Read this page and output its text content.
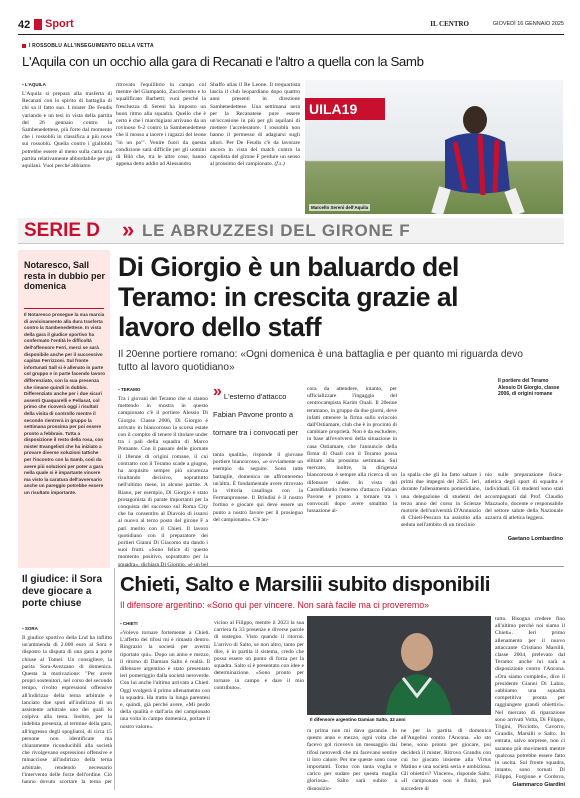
42 Sport	IL CENTRO	GIOVEDÌ 16 GENNAIO 2025
I ROSSOBLÙ ALL'INSEGUIMENTO DELLA VETTA
L'Aquila con un occhio alla gara di Recanati e l'altro a quella con la Samb
▪ L'AQUILA
L'Aquila si prepara alla trasferta di Recanati con lo spirito di battaglia di chi sa il fatto suo. I mister De Feudis variando e un tesi in vista della partita del 26 gennaio contro la Sambenedettese, più forte dal momento che i rossoblù in classifica a più nove sui rossoblù. Quella contro i gialloblù potrebbe essere al meno sulla carta una partita relativamente abbordabile per gli aquilani. Vuoi perché abbiamo
ritrovato l'equilibrio in campo col mentre del Giampaolo, Zuccherotto e lo squalificato Barbetti; vuoi perché la freschezza di Sereni ha imposto un buon ritmo alla squadra. Quello che è certo è che i marchigiani arrivano da un rovinoso 6-2 contro la Sambenedettese che li mosso a tacere i ragazzi del leone "in un po'". Venire fuori da questa condizione sarà difficile per gli uomini di Bilò che, tra le altre cose, hanno appena detto addio ad Alessandro
Shaffo alias il Re Leone. Il trequartista lascia il club leopardiano dopo quattro anni presenti in direzione Sambenedettese. Una settimana nera per la Recanatese pure essere un'occasione in più per gli aquilani di mettere l'acceleratore. I rossoblù non hanno il permesso di adagiarsi sugli allori. Per De Feudis c'è da lavorare ancora in vista del match contro la capolista del girone F perdure un senso al prossimo del campionato. (f.s.)
UILA19
Marcello Sereni dell'Aquila
SERIE D » LE ABRUZZESI DEL GIRONE F
Notaresco, Sall resta in dubbio per domenica
Il Notaresco prosegue la sua marcia di avvicinamento alla dura trasferta contro la Sambenedettese. In vista della gara il giudice sportivo ha confermato l'entità le difficoltà dell'offensore Ferri, mercì se sarà disponibile anche per il successivo capitan Ferrizzoni. Sul fronte infortunati Sall si è allenato in parte col gruppo e in parte facendo lavoro differenziato, con la sua presenza che rimane quindi in dubbio. Differenziato anche per i due sicuri assenti Quaquarelli e Pellasat, col primo che ricoverà oggi i risultati della visita di controllo mentre il secondo rientrerà in gruppo la settimana prossima per poi essere pronto a febbraio. Tutta a disposizione il resto della rosa, con mister Evangelisti che ha iniziato a provare diverse soluzioni tattiche per l'incontro con la Samb, così da avere più soluzioni per poter a gara nella quale si è impartante vincere ma visto la caratura dell'avversario anche un pareggio potrebbe essere un risultato importante.
Di Giorgio è un baluardo del Teramo: in crescita grazie al lavoro dello staff
Il 20enne portiere romano: «Ogni domenica è una battaglia e per quanto mi riguarda devo tutto al lavoro quotidiano»
Il portiere del Teramo Alessio Di Giorgio, classe 2006, di origini romane
▪ TERAMO
Tra i giovani del Teramo che si stanno mettendo in mostra in questo campionato c'è il portiere Alessio Di Giorgio. Classe 2006, Di Giorgio è arrivato in biancorosso la scorsa estate con il compito di tenere il titolare under tra i pali della squadra di Marco Pomante. Con il passare delle giornate il 18enne di origini romane, il cui contratto con il Teramo scade a giugno, ha acquisito sempre più sicurezza risultando decisivo, soprattutto nell'ultimo mese, in alcune partite. A Riano, per esempio, Di Giorgio è stato protagonista di parate importanti per la conquista del successo sul Roma City che ha consentito al Diavolo di issarsi al nuovo al terzo posto del girone F a pari merito con il Chieti. Il lavoro quotidiano con il preparatore dei portieri Gianni Di Giacomo sta dando i suoi frutti. «Sono felice di questo momento positivo, soprattutto per la squadra», dichiara Di Giorgio, «è un bel
» L'esterno d'attacco Fabian Pavone pronto a tornare tra i convocati per
tanta qualità», risponde il giovane portiere biancorosso, «e ovviamente un esempio da seguire. Sono tutte battaglie, domenica ne affronteremo un'altra. È fondamentale avere ritrovato la vittoria casalinga con la Fermanpronese. Il Brindisi è il nostro fortino e giocare qui deve essere un punto a nostro favore per il prosieguo del campionato». C'è an-
cora da attendere, intanto, per ufficializzare l'ingaggio del centrocampista Karim Ouali. Il 20enne teramano, in gruppo da due giorni, deve infatti ottenere la firma sullo svincolo dall'Ostiamare, club che è in procinto di cambiare proprietà. Non è da escludere, in base all'evolversi della situazione in casa Ostiamare, che l'annuncio della firma di Ouali con il Teramo possa slittare alla prossima settimana. Sul mercato, inoltre, la dirigenza biancorossa è sempre alla ricerca di un difensore under. In vista del Castelfidardo l'esterno d'attacco Fabian Pavone è pronto a tornare tra i convocati dopo avere smaltito la lussazione al-
la spalla che gli ha fatto saltare i primi due impegni del 2025. Ieri, durante l'allenamento pomeridiano, una delegazione di studenti del terzo anno del corso in Scienze motorie dell'università D'Annunzio di Chieti-Pescara ha assistito alla seduta nell'ambito di un tirocinio
nio sulle preparazione fisica-atletica degli sport di squadra e individuali. Gli studenti sono stati accompagnati dal Prof. Claudio Mazzuolo, docente e responsabile del settore salute della Nazionale azzurra di atletica leggera.
Gaetano Lombardino
Il giudice: il Sora deve giocare a porte chiuse
▪ SORA
Il giudice sportivo della Lnd ha inflitto un'ammenda di 2.000 euro al Sora e disposto la disputa di una gara a porte chiuse al Tomei. Un consigliere, la parita Sora-Avezzano di domenica. Questa la motivazione: "Per avere propri sostenitori, nel corso del secondo tempo, rivolto espressioni offensive all'indirizzo della terna arbitrale e lanciato due sputi all'indirizzo di un assistente arbitrale uno dei quali lo colpiva alla testa. Inoltre, per la indebita presenza, al termine della gara, all'ingresso degli spogliatoi, di circa 15 persone non identificate ma chiaramente riconducibili alla società che rivolgevano espressioni offensive e minacciose all'indirizzo della terna arbitrale, rendendo necessario l'intervento delle forze dell'ordine. Ciò hanno dovuto scortare la terna per
Chieti, Salto e Marsilii subito disponibili
Il difensore argentino: «Sono qui per vincere. Non sarà facile ma ci proveremo»
▪ CHIETI
«Volevo tornare fortemente a Chieti. L'affetto dei tifosi mi è rimasto dentro. Ringrazio la società per avermi riportato qui». Dopo un anno e mezzo, il ritorno di Damian Salto è realtà. Il difensore argentino è stato presentato ieri pomeriggio dalla società neroverde. Con lui anche l'ultimo arrivato a Chieti. Oggi svolgerà il primo allenamento con la squadra. Ha tratto la lunga parentesi e, quindi, già perché avere, «Mi perdo della qualità e dall'aria del campionato una volta in campo domenica, portare il nostro valore».
vicino al Filippo, mentre il 2023 la sua carriera fa 33 presenze e diverse parole di sostegno. Visto quando il ritorno. L'arrivo di Salto, se non altro, tanto per dire, è in partita il sistema, credo che possa essere un punto di forza per la squadra. Salto si è presentato con idee e determinazione. «Sono pronto per tornare in campo e dare il mio contributo».
Il difensore argentino Damian Salto, 32 anni
ra prima non mi dava garanzie. In questo anno e mezzo, ogni volta che facevo gol ricevevo un messaggio dai tifosi neroverdi che mi facevano sentire il loro calore. Per me queste sono cose importanti. Torno con tanta voglia e carico per sudare per questa maglia gloriosa». Salto sarà subito a disposizio-
ne per la partita di domenica all'Angelini contro l'Ancona. «Io sto bene, sono pronto per giocare, poi deciderà il mister. Ritrovo Grandis con cui ho giocato insieme alla Virtus Matino e una società seria e ambiziosa. Gli obiettivi? Vincere», risponde Salto. «Il campionato non è finito, può succedere di
tutto. Bisogna credere fino all'ultimo perché noi siamo il Chieti». Ieri primo allenamento per il nuovo attaccante Cristiano Marsilii, classe 2004, prelevato dal Teramo: anche lui sarà a disposizione contro l'Ancona. «Ora siamo completi», dice il presidente Gianni Di Labio, «abbiamo una squadra competitiva pronta per raggiungere grandi obiettivi». Nel mercato di riparazione sono arrivati Volta, Di Filippo, Trigini, Picciotto, Cavorro, Grandis, Marsilii e Salto. In entrata, salvo sorprese, non ci saranno più movimenti mentre qualcosa potrebbe essere fatto in uscita. Sul fronte squadra, intanto, sono tornati Di Filippo, Forgione e Cordova,
Giammarco Giardini
